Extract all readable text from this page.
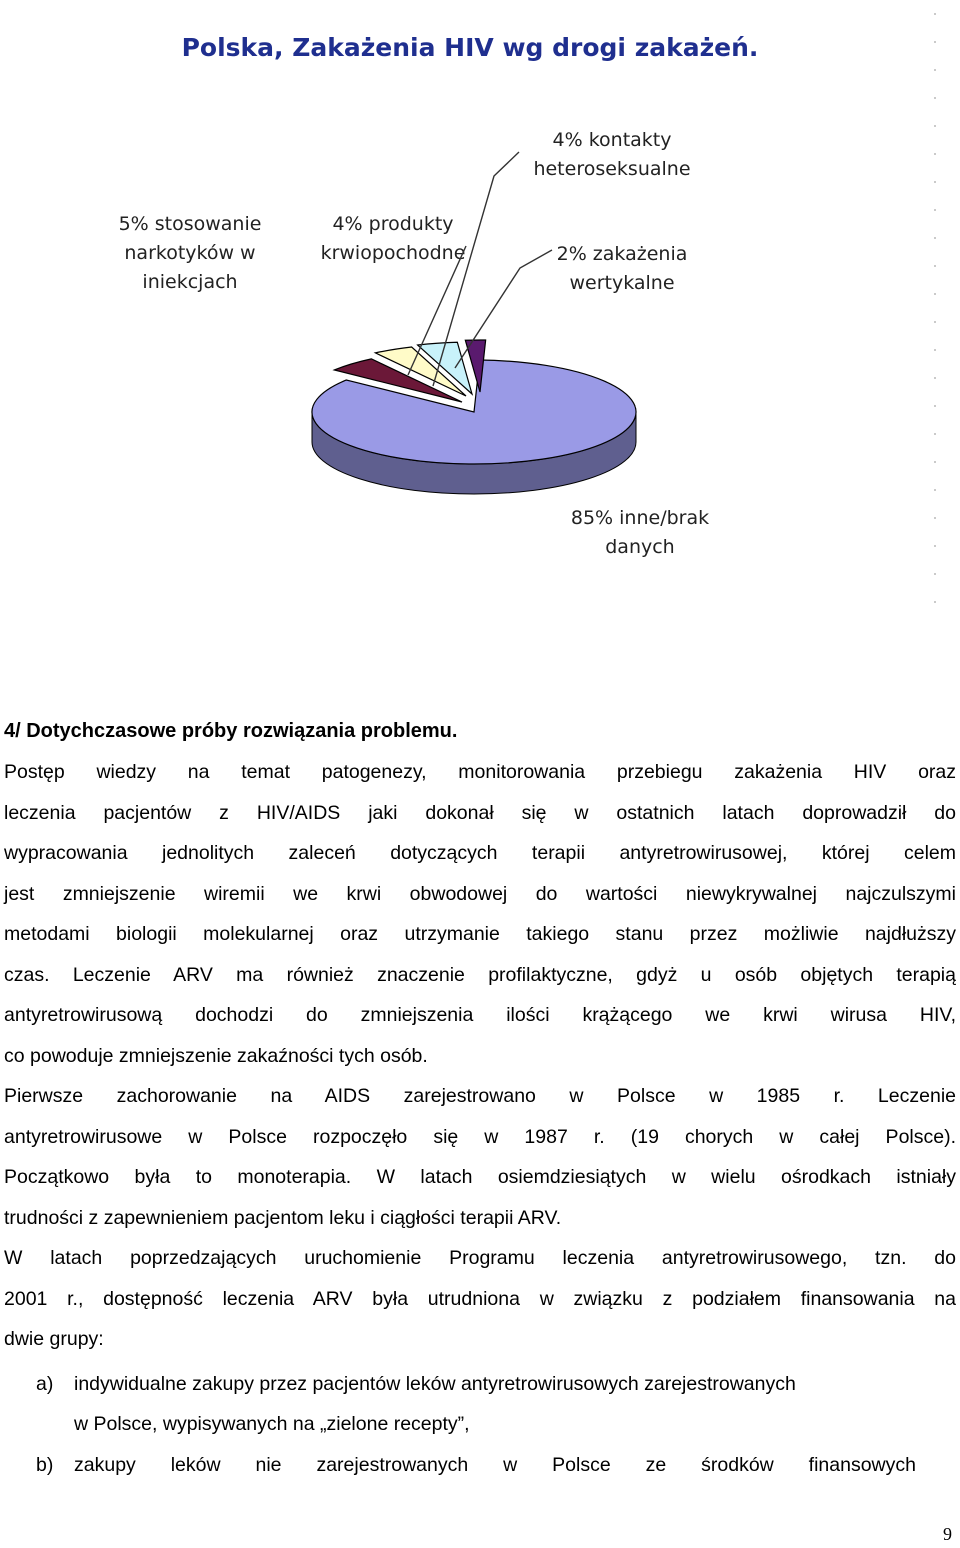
Polska, Zakażenia HIV wg drogi zakażeń.
85% inne/brak danych
5% stosowanie narkotyków w iniekcjach
4% produkty krwiopochodne
4% kontakty heteroseksualne
2% zakażenia wertykalne
4/ Dotychczasowe próby rozwiązania problemu.
Postęp wiedzy na temat patogenezy, monitorowania przebiegu zakażenia HIV oraz
leczenia pacjentów z HIV/AIDS jaki dokonał się w ostatnich latach doprowadził do
wypracowania jednolitych zaleceń dotyczących terapii antyretrowirusowej, której celem
jest zmniejszenie wiremii we krwi obwodowej do wartości niewykrywalnej najczulszymi
metodami biologii molekularnej oraz utrzymanie takiego stanu przez możliwie najdłuższy
czas. Leczenie ARV ma również znaczenie profilaktyczne, gdyż u osób objętych terapią
antyretrowirusową dochodzi do zmniejszenia ilości krążącego we krwi wirusa HIV,
co powoduje zmniejszenie zakaźności tych osób.
Pierwsze zachorowanie na AIDS zarejestrowano w Polsce w 1985 r. Leczenie
antyretrowirusowe w Polsce rozpoczęło się w 1987 r. (19 chorych w całej Polsce).
Początkowo była to monoterapia. W latach osiemdziesiątych w wielu ośrodkach istniały
trudności z zapewnieniem pacjentom leku i ciągłości terapii ARV.
W latach poprzedzających uruchomienie Programu leczenia antyretrowirusowego, tzn. do
2001 r., dostępność leczenia ARV była utrudniona w związku z podziałem finansowania na
dwie grupy:
a)	indywidualne zakupy przez pacjentów leków antyretrowirusowych zarejestrowanych
w Polsce, wypisywanych na „zielone recepty”,
b)	zakupy leków nie zarejestrowanych w Polsce ze środków finansowych
9
